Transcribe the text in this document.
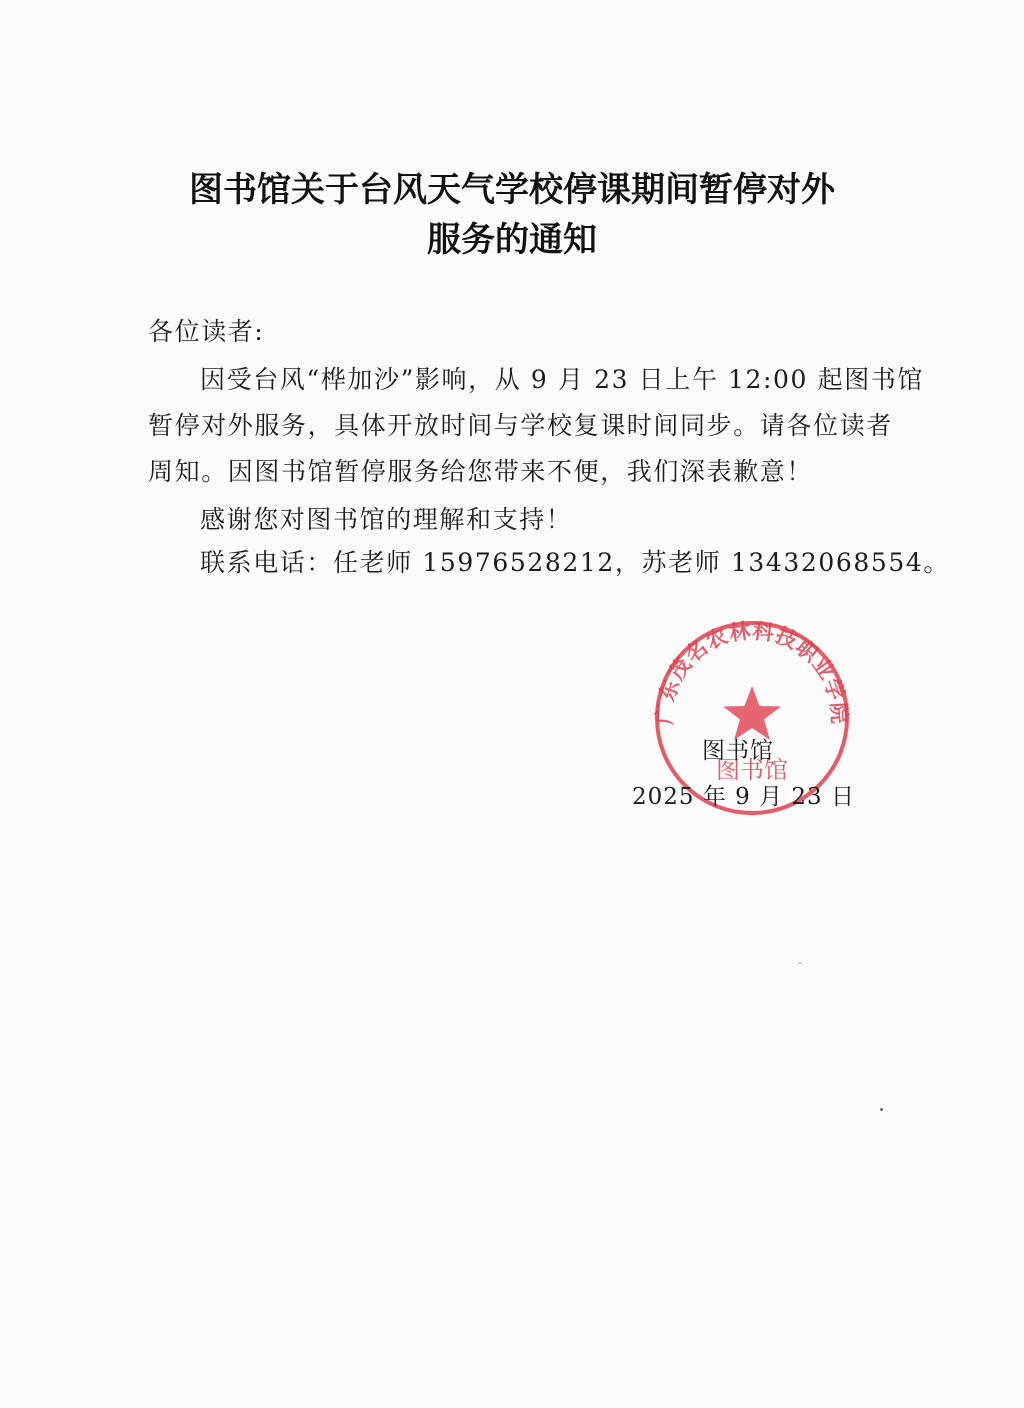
图书馆关于台风天气学校停课期间暂停对外
服务的通知
各位读者:
因受台风“桦加沙”影响，从 9 月 23 日上午 12:00 起图书馆
暂停对外服务，具体开放时间与学校复课时间同步。请各位读者
周知。因图书馆暂停服务给您带来不便，我们深表歉意！
感谢您对图书馆的理解和支持！
联系电话：任老师 15976528212，苏老师 13432068554。
广东茂名农林科技职业学院
图书馆
图书馆
2025 年 9 月 23 日
